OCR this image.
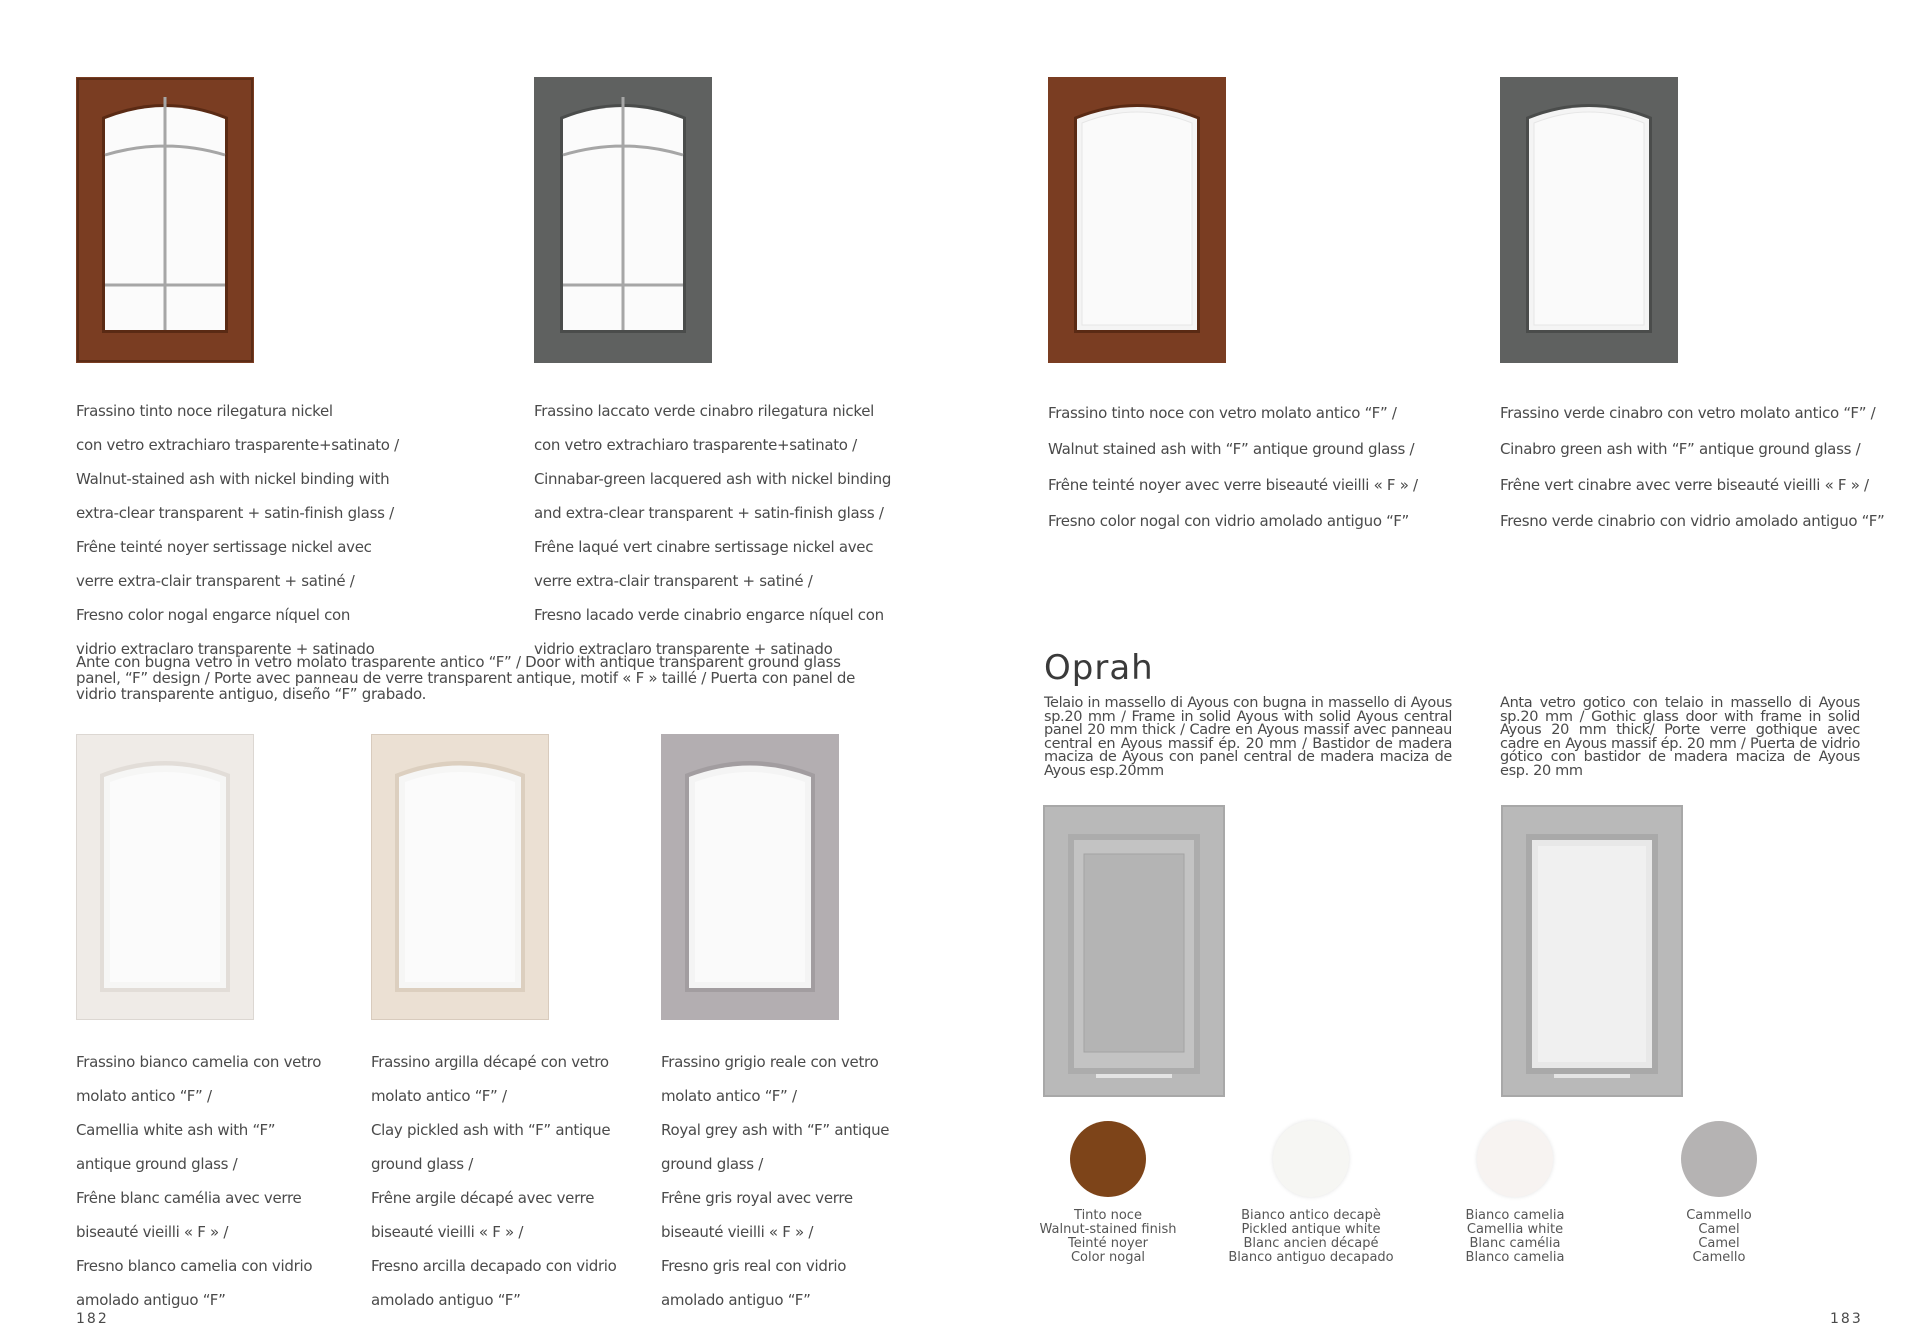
Frassino tinto noce rilegatura nickel

con vetro extrachiaro trasparente+satinato /

Walnut-stained ash with nickel binding with

extra-clear transparent + satin-finish glass /

Frêne teinté noyer sertissage nickel avec

verre extra-clair transparent + satiné /

Fresno color nogal engarce níquel con

vidrio extraclaro transparente + satinado

Frassino laccato verde cinabro rilegatura nickel

con vetro extrachiaro trasparente+satinato /

Cinnabar-green lacquered ash with nickel binding

and extra-clear transparent + satin-finish glass /

Frêne laqué vert cinabre sertissage nickel avec

verre extra-clair transparent + satiné /

Fresno lacado verde cinabrio engarce níquel con

vidrio extraclaro transparente + satinado

Frassino tinto noce con vetro molato antico “F” /

Walnut stained ash with “F” antique ground glass /

Frêne teinté noyer avec verre biseauté vieilli « F » /

Fresno color nogal con vidrio amolado antiguo “F”

Frassino verde cinabro con vetro molato antico “F” /

Cinabro green ash with “F” antique ground glass /

Frêne vert cinabre avec verre biseauté vieilli « F » /

Fresno verde cinabrio con vidrio amolado antiguo “F”

Ante con bugna vetro in vetro molato trasparente antico “F” / Door with antique transparent ground glass panel, “F” design / Porte avec panneau de verre transparent antique, motif « F » taillé / Puerta con panel de vidrio transparente antiguo, diseño “F” grabado.

Frassino bianco camelia con vetro

molato antico “F” /

Camellia white ash with “F”

antique ground glass /

Frêne blanc camélia avec verre

biseauté vieilli « F » /

Fresno blanco camelia con vidrio

amolado antiguo “F”

Frassino argilla décapé con vetro

molato antico “F” /

Clay pickled ash with “F” antique

ground glass /

Frêne argile décapé avec verre

biseauté vieilli « F » /

Fresno arcilla decapado con vidrio

amolado antiguo “F”

Frassino grigio reale con vetro

molato antico “F” /

Royal grey ash with “F” antique

ground glass /

Frêne gris royal avec verre

biseauté vieilli « F » /

Fresno gris real con vidrio

amolado antiguo “F”

Oprah
Telaio in massello di Ayous con bugna in massello di Ayous sp.20 mm / Frame in solid Ayous with solid Ayous central panel 20 mm thick / Cadre en Ayous massif avec panneau central en Ayous massif ép. 20 mm / Bastidor de madera maciza de Ayous con panel central de madera maciza de Ayous esp.20mm
Anta vetro gotico con telaio in massello di Ayous sp.20 mm / Gothic glass door with frame in solid Ayous 20 mm thick/ Porte verre gothique avec cadre en Ayous massif ép. 20 mm / Puerta de vidrio gótico con bastidor de madera maciza de Ayous esp. 20 mm
Tinto noce
Walnut-stained finish
Teinté noyer
Color nogal
Bianco antico decapè
Pickled antique white
Blanc ancien décapé
Blanco antiguo decapado
Bianco camelia
Camellia white
Blanc camélia
Blanco camelia
Cammello
Camel
Camel
Camello
182	183
